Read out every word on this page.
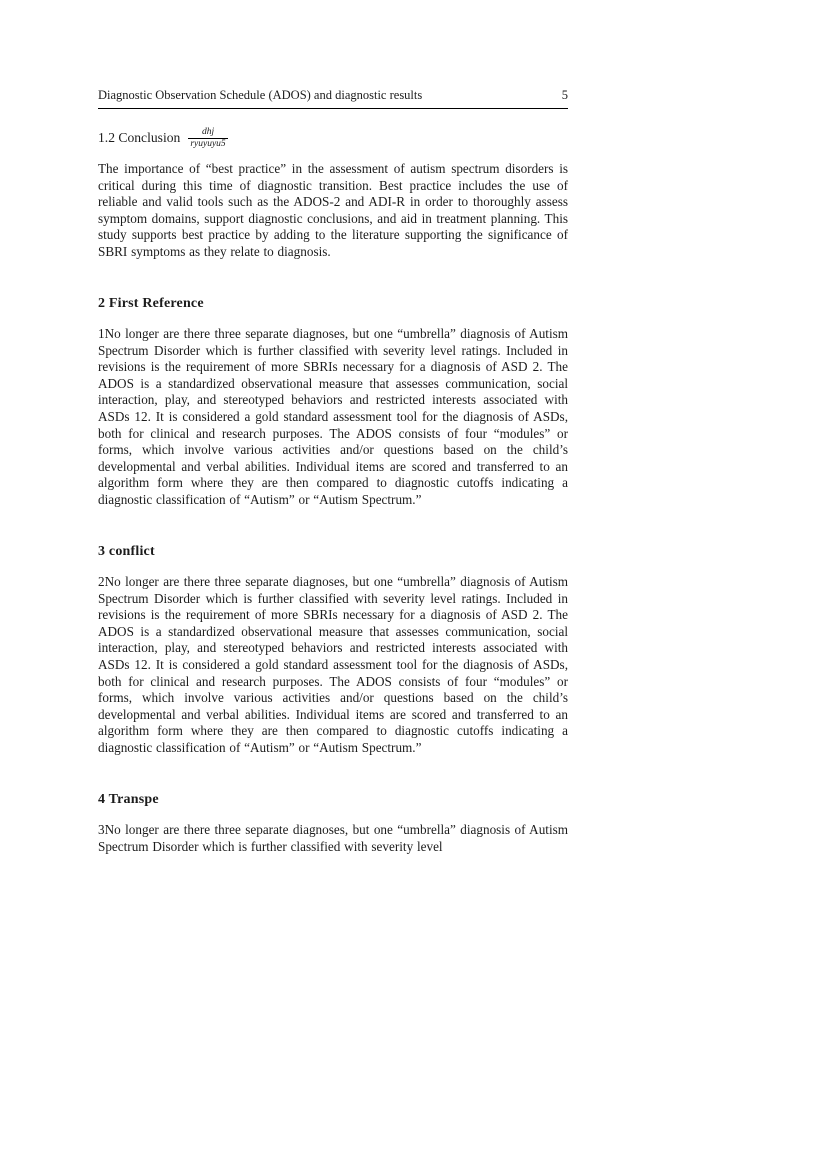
Diagnostic Observation Schedule (ADOS) and diagnostic results	5
1.2 Conclusion $\frac{\text{dhj}}{\text{ryuyuyu5}}$

The importance of “best practice” in the assessment of autism spectrum disorders is critical during this time of diagnostic transition. Best practice includes the use of reliable and valid tools such as the ADOS-2 and ADI-R in order to thoroughly assess symptom domains, support diagnostic conclusions, and aid in treatment planning. This study supports best practice by adding to the literature supporting the significance of SBRI symptoms as they relate to diagnosis.

2 First Reference

1No longer are there three separate diagnoses, but one “umbrella” diagnosis of Autism Spectrum Disorder which is further classified with severity level ratings. Included in revisions is the requirement of more SBRIs necessary for a diagnosis of ASD 2. The ADOS is a standardized observational measure that assesses communication, social interaction, play, and stereotyped behaviors and restricted interests associated with ASDs 12. It is considered a gold standard assessment tool for the diagnosis of ASDs, both for clinical and research purposes. The ADOS consists of four “modules” or forms, which involve various activities and/or questions based on the child’s developmental and verbal abilities. Individual items are scored and transferred to an algorithm form where they are then compared to diagnostic cutoffs indicating a diagnostic classification of “Autism” or “Autism Spectrum.”

3 conflict

2No longer are there three separate diagnoses, but one “umbrella” diagnosis of Autism Spectrum Disorder which is further classified with severity level ratings. Included in revisions is the requirement of more SBRIs necessary for a diagnosis of ASD 2. The ADOS is a standardized observational measure that assesses communication, social interaction, play, and stereotyped behaviors and restricted interests associated with ASDs 12. It is considered a gold standard assessment tool for the diagnosis of ASDs, both for clinical and research purposes. The ADOS consists of four “modules” or forms, which involve various activities and/or questions based on the child’s developmental and verbal abilities. Individual items are scored and transferred to an algorithm form where they are then compared to diagnostic cutoffs indicating a diagnostic classification of “Autism” or “Autism Spectrum.”

4 Transpe

3No longer are there three separate diagnoses, but one “umbrella” diagnosis of Autism Spectrum Disorder which is further classified with severity level
